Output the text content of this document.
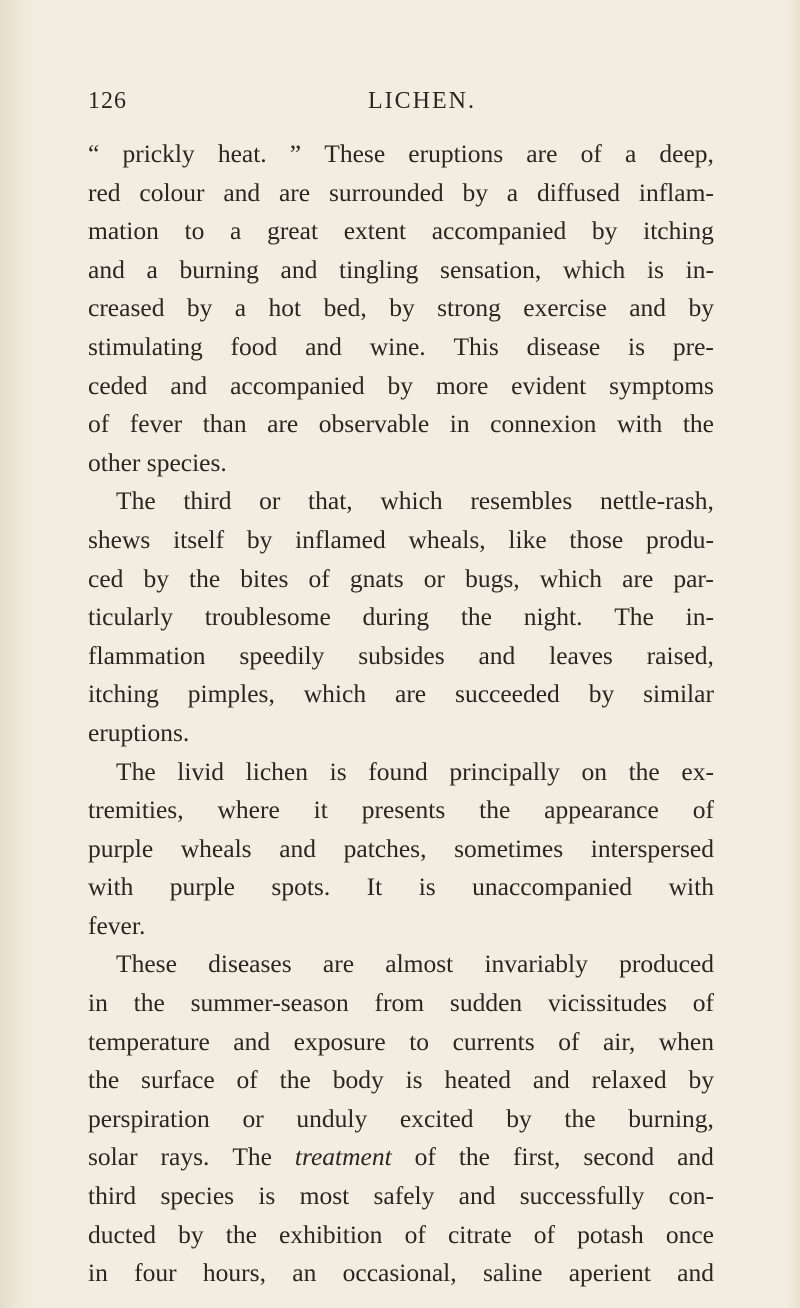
126	LICHEN.
“ prickly heat. ” These eruptions are of a deep,
red colour and are surrounded by a diffused inflam-
mation to a great extent accompanied by itching
and a burning and tingling sensation, which is in-
creased by a hot bed, by strong exercise and by
stimulating food and wine. This disease is pre-
ceded and accompanied by more evident symptoms
of fever than are observable in connexion with the
other
species.
The third or that, which resembles nettle-rash,
shews itself by inflamed wheals, like those produ-
ced by the bites of gnats or bugs, which are par-
ticularly troublesome during the night. The in-
flammation speedily subsides and leaves raised,
itching pimples, which are succeeded by similar
eruptions.
The livid lichen is found principally on the ex-
tremities, where it presents the appearance of
purple wheals and patches, sometimes interspersed
with purple spots. It is unaccompanied with
fever.
These diseases are almost invariably produced
in the summer-season from sudden vicissitudes of
temperature and exposure to currents of air, when
the surface of the body is heated and relaxed by
perspiration or unduly excited by the burning,
solar rays. The treatment of the first, second and
third species is most safely and successfully con-
ducted by the exhibition of citrate of potash once
in four hours, an occasional, saline aperient and
